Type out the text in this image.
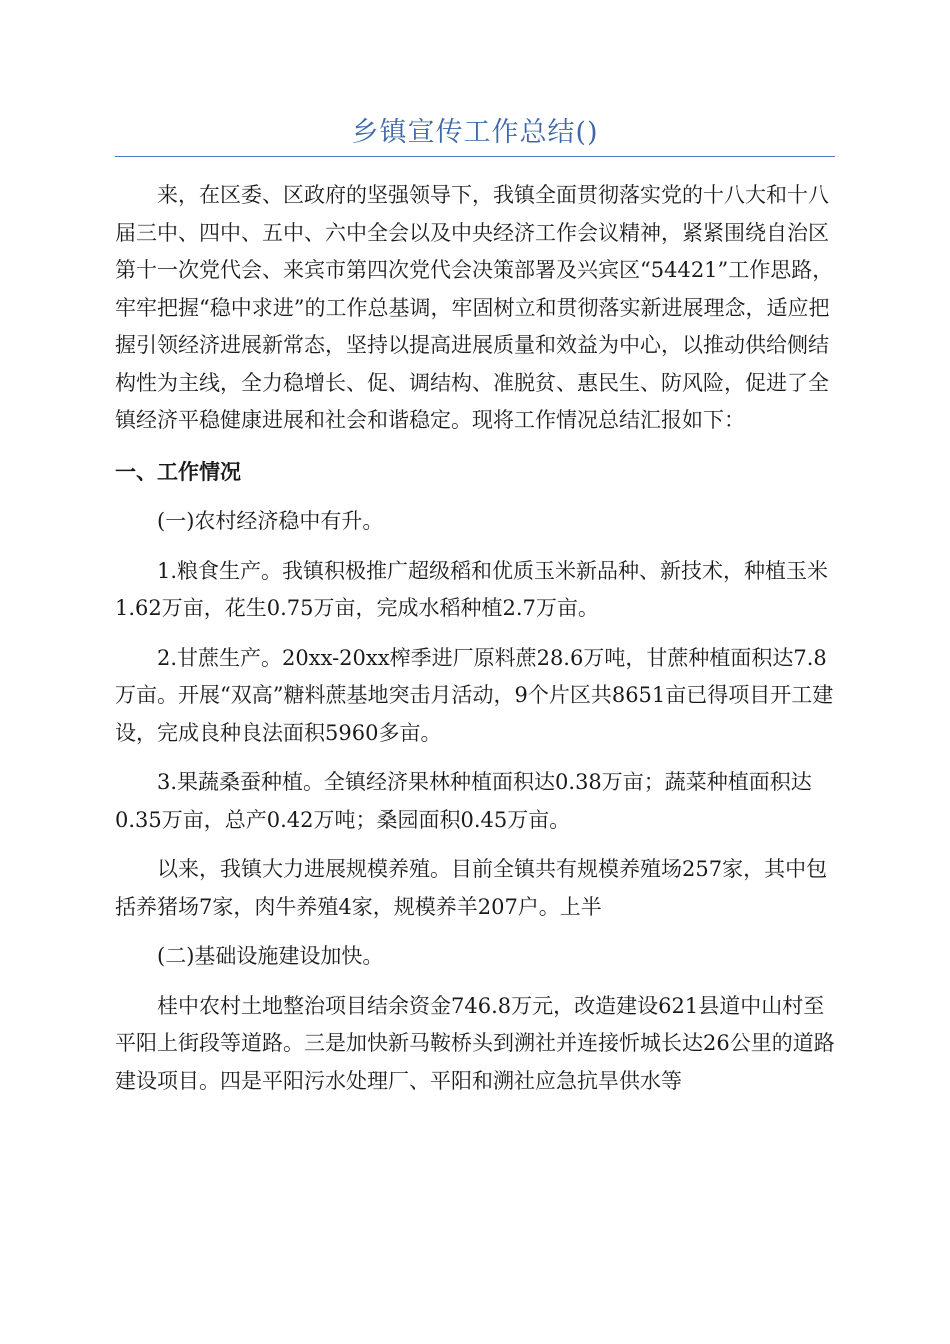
乡镇宣传工作总结()

来，在区委、区政府的坚强领导下，我镇全面贯彻落实党的十八大和十八届三中、四中、五中、六中全会以及中央经济工作会议精神，紧紧围绕自治区第十一次党代会、来宾市第四次党代会决策部署及兴宾区“54421”工作思路，牢牢把握“稳中求进”的工作总基调，牢固树立和贯彻落实新进展理念，适应把握引领经济进展新常态，坚持以提高进展质量和效益为中心，以推动供给侧结构性为主线，全力稳增长、促、调结构、准脱贫、惠民生、防风险，促进了全镇经济平稳健康进展和社会和谐稳定。现将工作情况总结汇报如下：

一、工作情况

(一)农村经济稳中有升。

1.粮食生产。我镇积极推广超级稻和优质玉米新品种、新技术，种植玉米1.62万亩，花生0.75万亩，完成水稻种植2.7万亩。

2.甘蔗生产。20xx-20xx榨季进厂原料蔗28.6万吨，甘蔗种植面积达7.8万亩。开展“双高”糖料蔗基地突击月活动，9个片区共8651亩已得项目开工建设，完成良种良法面积5960多亩。

3.果蔬桑蚕种植。全镇经济果林种植面积达0.38万亩；蔬菜种植面积达0.35万亩，总产0.42万吨；桑园面积0.45万亩。

以来，我镇大力进展规模养殖。目前全镇共有规模养殖场257家，其中包括养猪场7家，肉牛养殖4家，规模养羊207户。上半

(二)基础设施建设加快。

桂中农村土地整治项目结余资金746.8万元，改造建设621县道中山村至平阳上街段等道路。三是加快新马鞍桥头到溯社并连接忻城长达26公里的道路建设项目。四是平阳污水处理厂、平阳和溯社应急抗旱供水等
